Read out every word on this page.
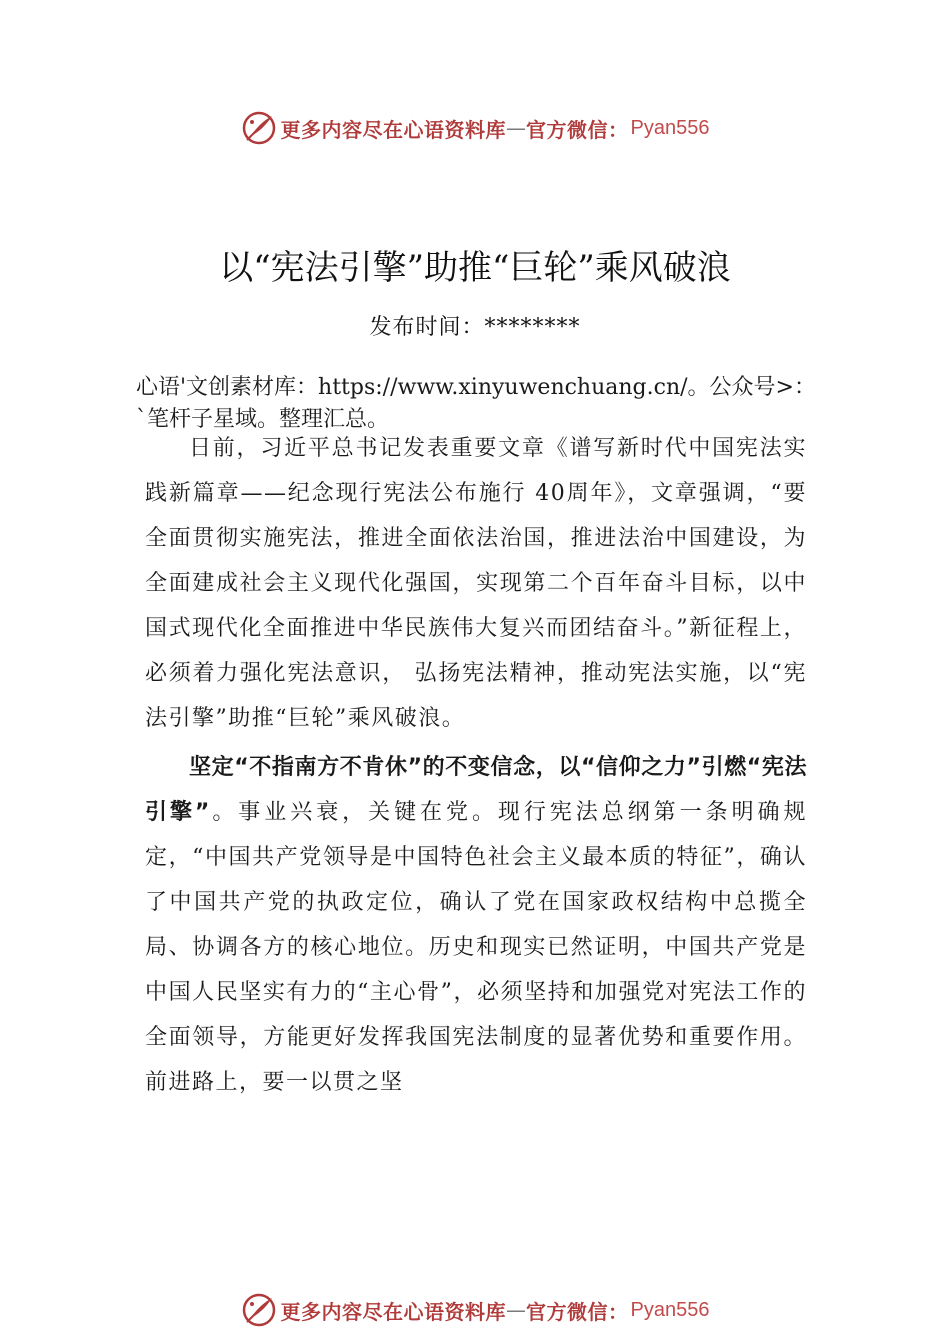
更多内容尽在心语资料库 — 官方微信： Pyan556
以“宪法引擎”助推“巨轮”乘风破浪
发布时间：********

心语'文创素材库：https://www.xinyuwenchuang.cn/。公众号>：`笔杆子星域。整理汇总。

日前，习近平总书记发表重要文章《谱写新时代中国宪法实践新篇章——纪念现行宪法公布施行 40周年》，文章强调，“要全面贯彻实施宪法，推进全面依法治国，推进法治中国建设，为全面建成社会主义现代化强国，实现第二个百年奋斗目标，以中国式现代化全面推进中华民族伟大复兴而团结奋斗。”新征程上，必须着力强化宪法意识， 弘扬宪法精神，推动宪法实施，以“宪法引擎”助推“巨轮”乘风破浪。

坚定“不指南方不肯休”的不变信念，以“信仰之力”引燃“宪法引擎”。事业兴衰，关键在党。现行宪法总纲第一条明确规定，“中国共产党领导是中国特色社会主义最本质的特征”，确认了中国共产党的执政定位，确认了党在国家政权结构中总揽全局、协调各方的核心地位。历史和现实已然证明，中国共产党是中国人民坚实有力的“主心骨”，必须坚持和加强党对宪法工作的全面领导，方能更好发挥我国宪法制度的显著优势和重要作用。前进路上，要一以贯之坚

更多内容尽在心语资料库 — 官方微信： Pyan556
